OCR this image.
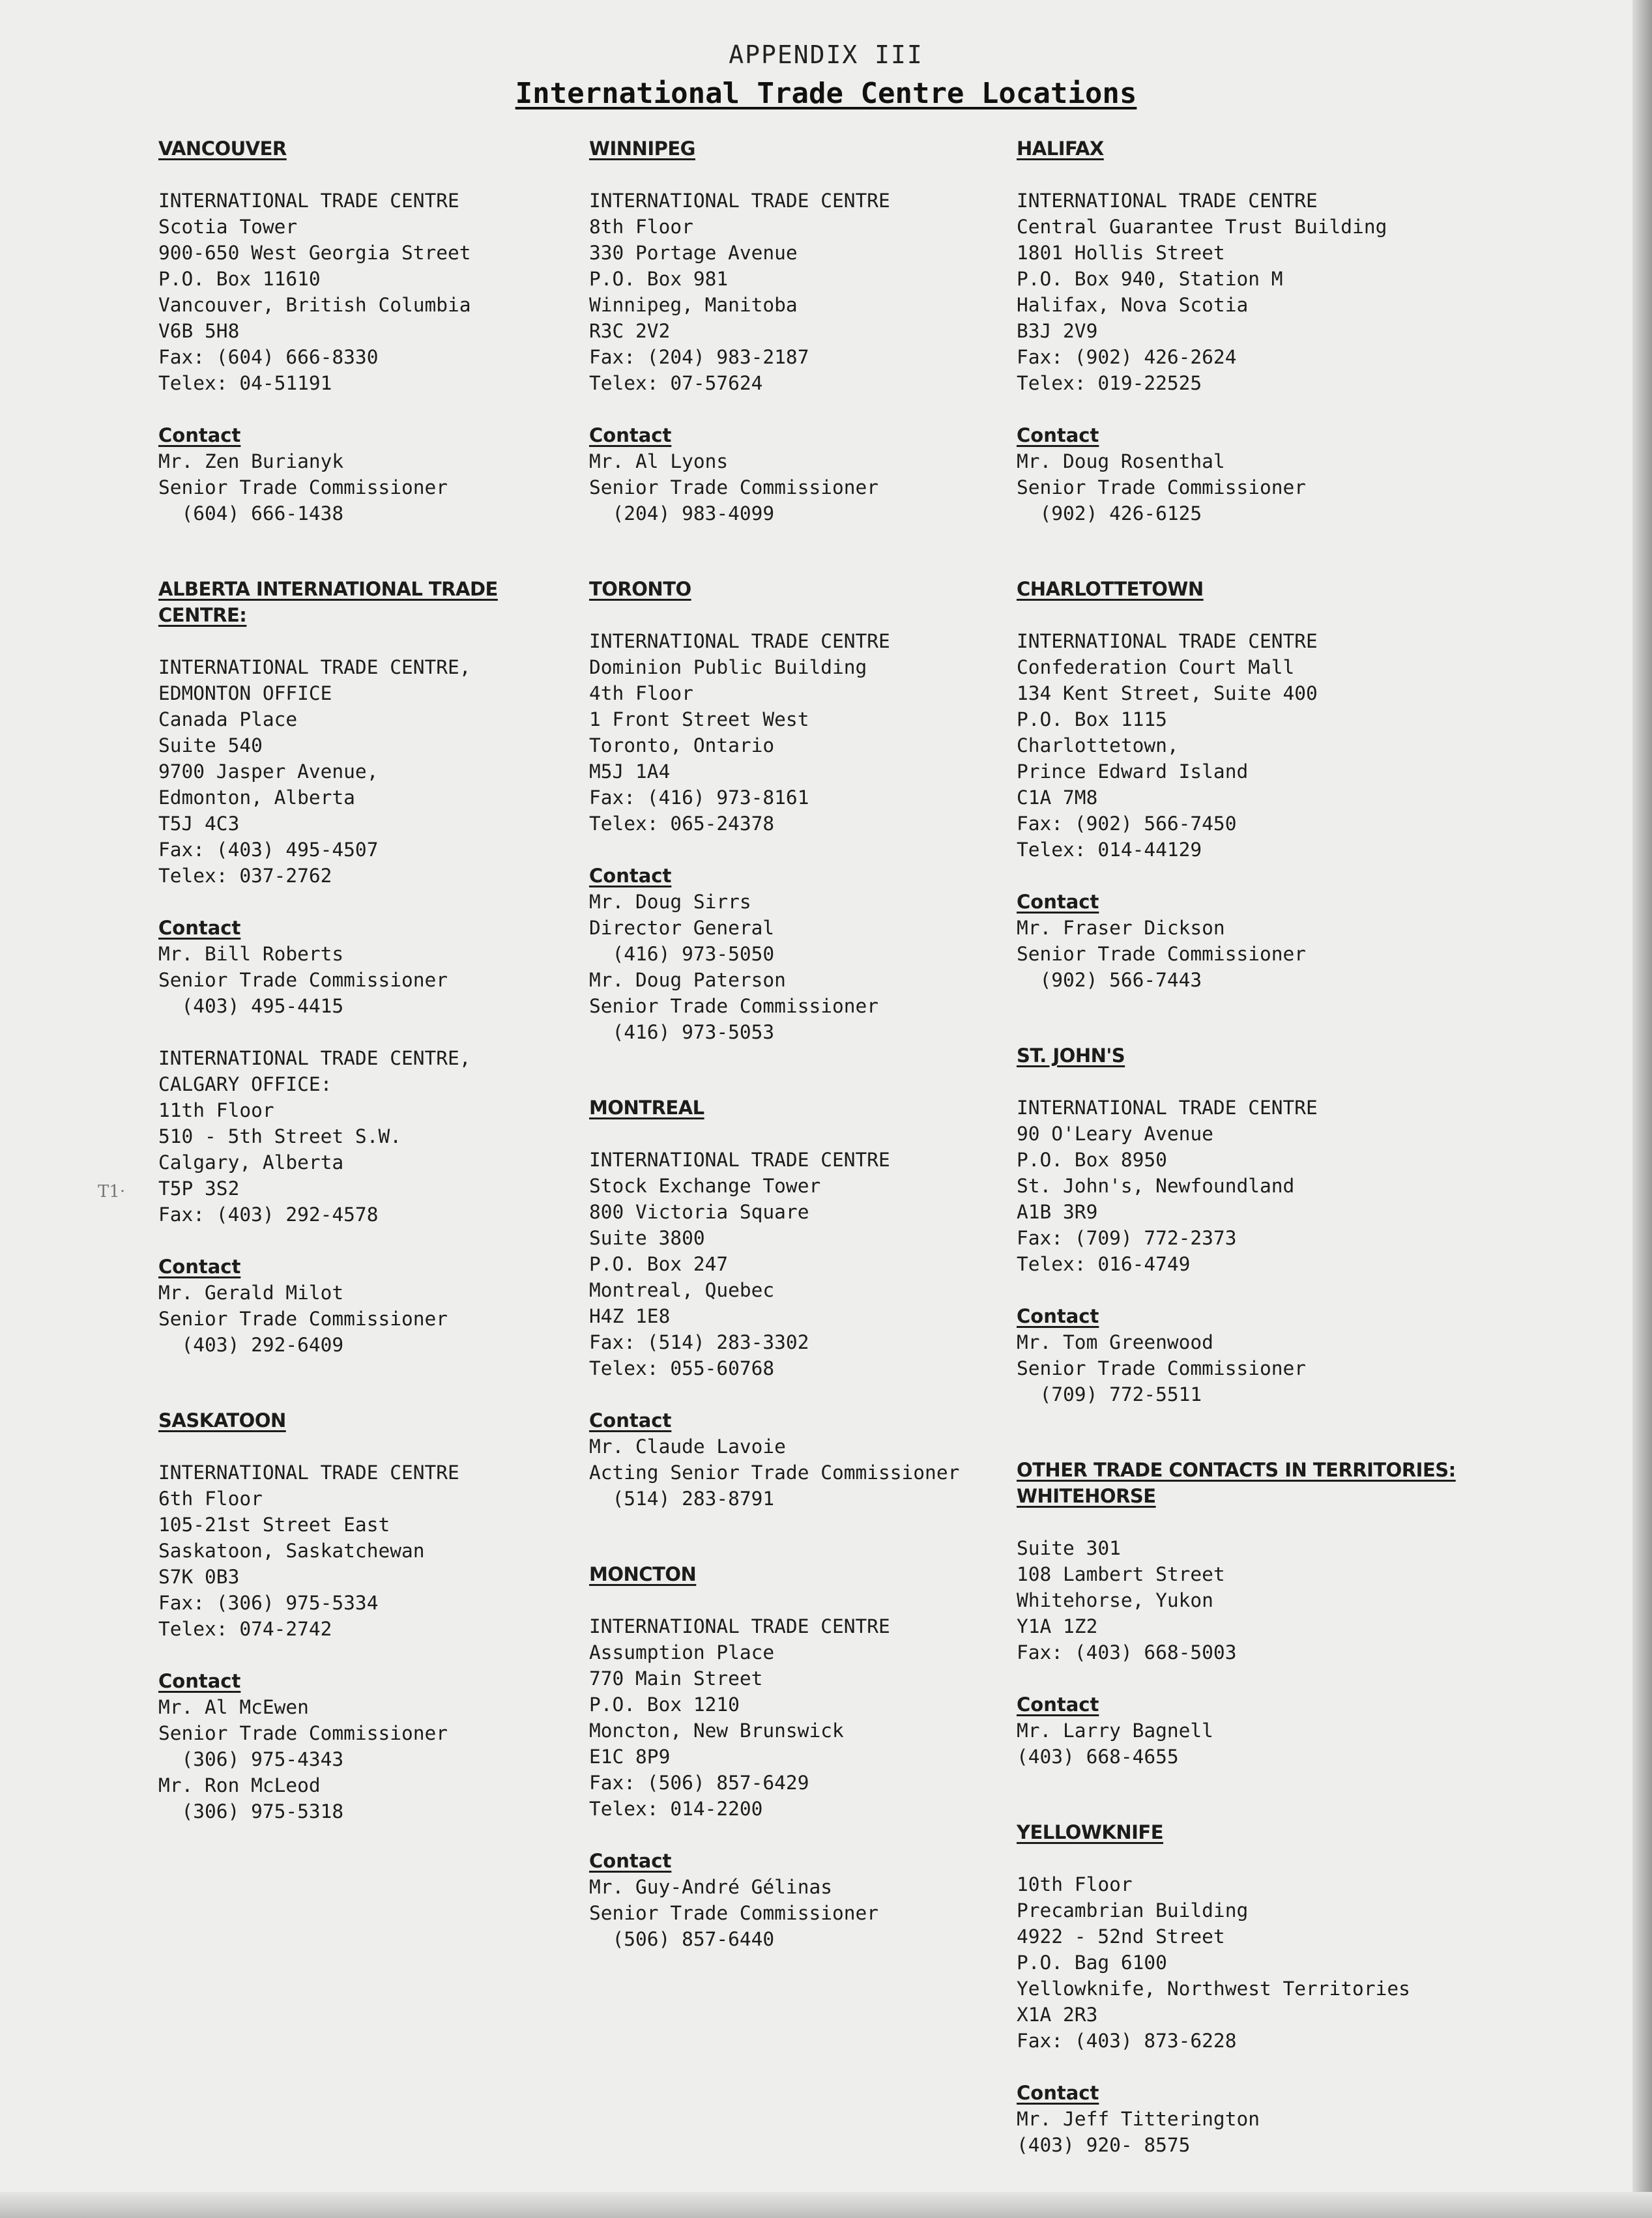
APPENDIX III
International Trade Centre Locations
T1·
VANCOUVER
INTERNATIONAL TRADE CENTRE
Scotia Tower
900-650 West Georgia Street
P.O. Box 11610
Vancouver, British Columbia
V6B 5H8
Fax: (604) 666-8330
Telex: 04-51191
Contact
Mr. Zen Burianyk
Senior Trade Commissioner
(604) 666-1438
ALBERTA INTERNATIONAL TRADE CENTRE:
INTERNATIONAL TRADE CENTRE,
EDMONTON OFFICE
Canada Place
Suite 540
9700 Jasper Avenue,
Edmonton, Alberta
T5J 4C3
Fax: (403) 495-4507
Telex: 037-2762
Contact
Mr. Bill Roberts
Senior Trade Commissioner
(403) 495-4415
INTERNATIONAL TRADE CENTRE,
CALGARY OFFICE:
11th Floor
510 - 5th Street S.W.
Calgary, Alberta
T5P 3S2
Fax: (403) 292-4578
Contact
Mr. Gerald Milot
Senior Trade Commissioner
(403) 292-6409
SASKATOON
INTERNATIONAL TRADE CENTRE
6th Floor
105-21st Street East
Saskatoon, Saskatchewan
S7K 0B3
Fax: (306) 975-5334
Telex: 074-2742
Contact
Mr. Al McEwen
Senior Trade Commissioner
(306) 975-4343
Mr. Ron McLeod
(306) 975-5318
WINNIPEG
INTERNATIONAL TRADE CENTRE
8th Floor
330 Portage Avenue
P.O. Box 981
Winnipeg, Manitoba
R3C 2V2
Fax: (204) 983-2187
Telex: 07-57624
Contact
Mr. Al Lyons
Senior Trade Commissioner
(204) 983-4099
TORONTO
INTERNATIONAL TRADE CENTRE
Dominion Public Building
4th Floor
1 Front Street West
Toronto, Ontario
M5J 1A4
Fax: (416) 973-8161
Telex: 065-24378
Contact
Mr. Doug Sirrs
Director General
(416) 973-5050
Mr. Doug Paterson
Senior Trade Commissioner
(416) 973-5053
MONTREAL
INTERNATIONAL TRADE CENTRE
Stock Exchange Tower
800 Victoria Square
Suite 3800
P.O. Box 247
Montreal, Quebec
H4Z 1E8
Fax: (514) 283-3302
Telex: 055-60768
Contact
Mr. Claude Lavoie
Acting Senior Trade Commissioner
(514) 283-8791
MONCTON
INTERNATIONAL TRADE CENTRE
Assumption Place
770 Main Street
P.O. Box 1210
Moncton, New Brunswick
E1C 8P9
Fax: (506) 857-6429
Telex: 014-2200
Contact
Mr. Guy-André Gélinas
Senior Trade Commissioner
(506) 857-6440
HALIFAX
INTERNATIONAL TRADE CENTRE
Central Guarantee Trust Building
1801 Hollis Street
P.O. Box 940, Station M
Halifax, Nova Scotia
B3J 2V9
Fax: (902) 426-2624
Telex: 019-22525
Contact
Mr. Doug Rosenthal
Senior Trade Commissioner
(902) 426-6125
CHARLOTTETOWN
INTERNATIONAL TRADE CENTRE
Confederation Court Mall
134 Kent Street, Suite 400
P.O. Box 1115
Charlottetown,
Prince Edward Island
C1A 7M8
Fax: (902) 566-7450
Telex: 014-44129
Contact
Mr. Fraser Dickson
Senior Trade Commissioner
(902) 566-7443
ST. JOHN'S
INTERNATIONAL TRADE CENTRE
90 O'Leary Avenue
P.O. Box 8950
St. John's, Newfoundland
A1B 3R9
Fax: (709) 772-2373
Telex: 016-4749
Contact
Mr. Tom Greenwood
Senior Trade Commissioner
(709) 772-5511
OTHER TRADE CONTACTS IN TERRITORIES:
WHITEHORSE
Suite 301
108 Lambert Street
Whitehorse, Yukon
Y1A 1Z2
Fax: (403) 668-5003
Contact
Mr. Larry Bagnell
(403) 668-4655
YELLOWKNIFE
10th Floor
Precambrian Building
4922 - 52nd Street
P.O. Bag 6100
Yellowknife, Northwest Territories
X1A 2R3
Fax: (403) 873-6228
Contact
Mr. Jeff Titterington
(403) 920- 8575
